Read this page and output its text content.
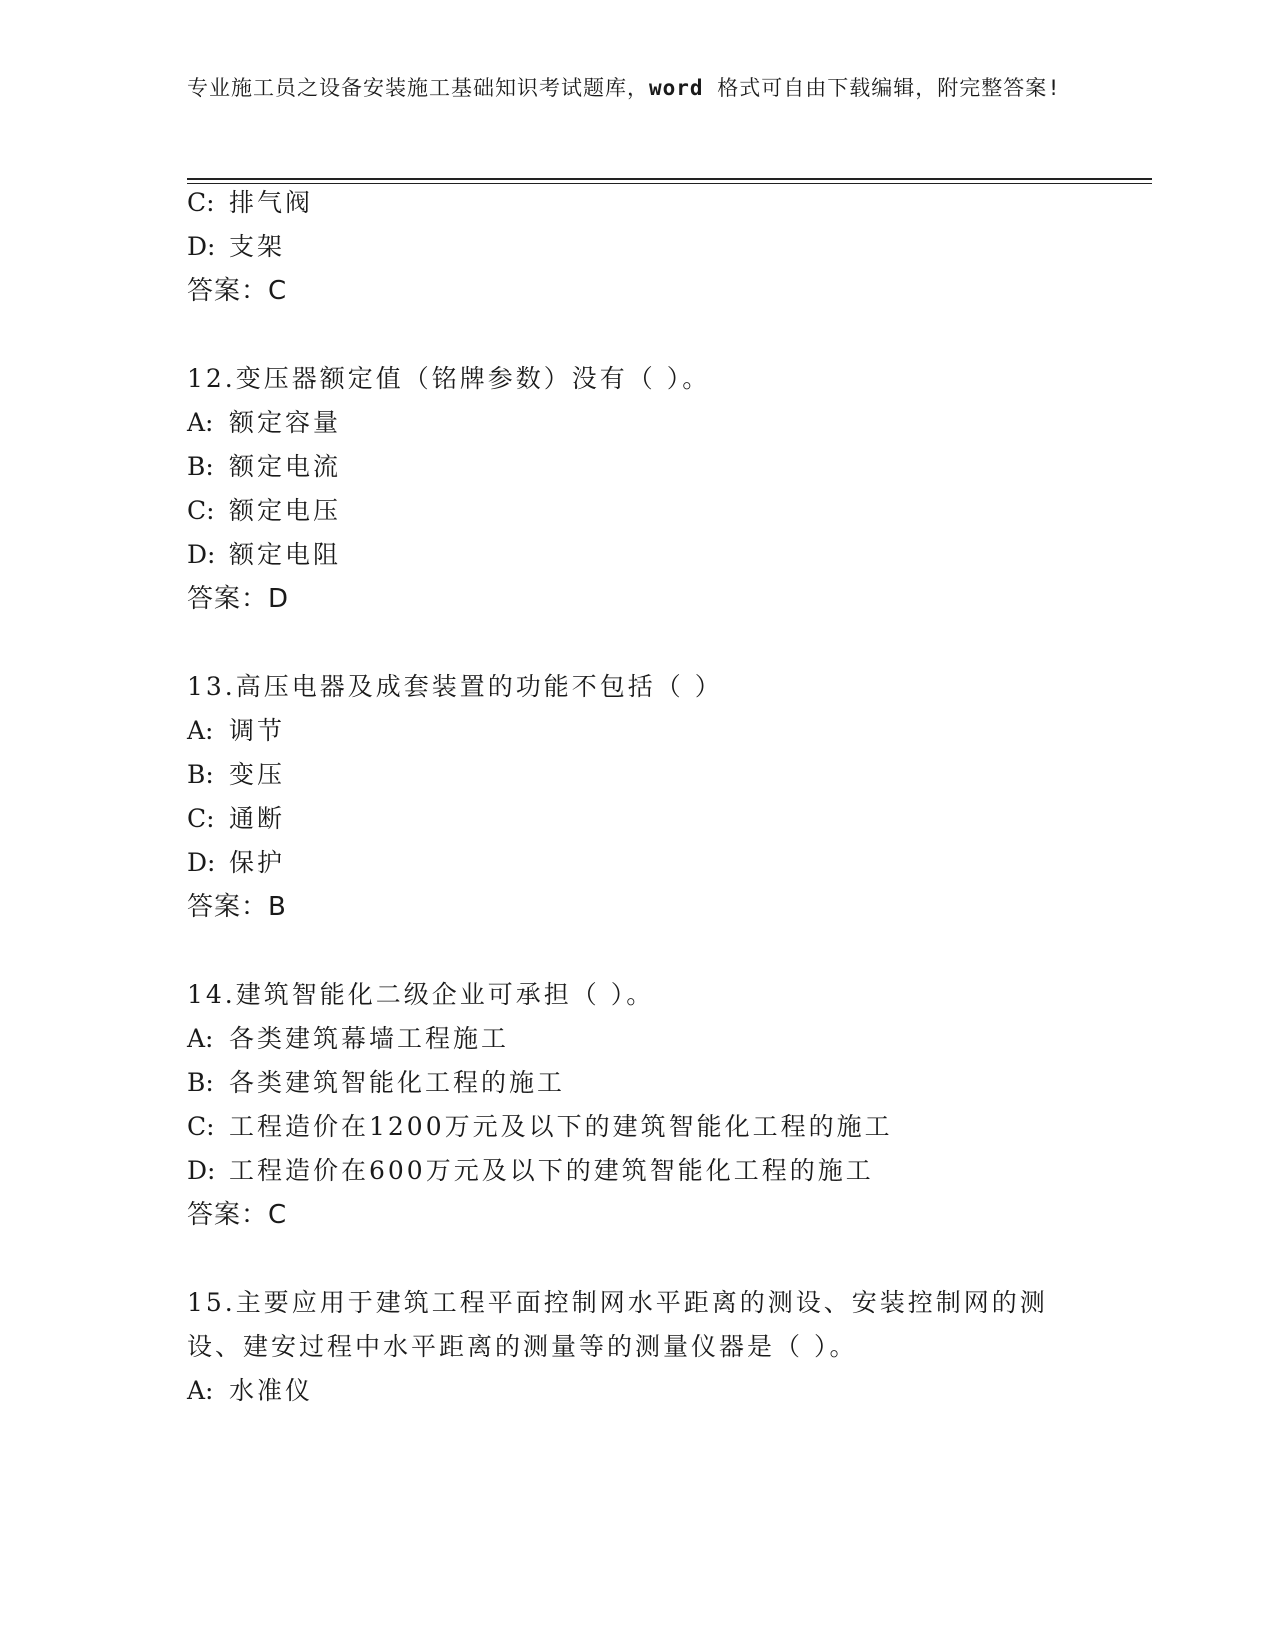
专业施工员之设备安装施工基础知识考试题库，word 格式可自由下载编辑，附完整答案!
C: 排气阀
D: 支架
答案：C
12.变压器额定值（铭牌参数）没有（ ）。
A: 额定容量
B: 额定电流
C: 额定电压
D: 额定电阻
答案：D
13.高压电器及成套装置的功能不包括（ ）
A: 调节
B: 变压
C: 通断
D: 保护
答案：B
14.建筑智能化二级企业可承担（ ）。
A: 各类建筑幕墙工程施工
B: 各类建筑智能化工程的施工
C: 工程造价在1200万元及以下的建筑智能化工程的施工
D: 工程造价在600万元及以下的建筑智能化工程的施工
答案：C
15.主要应用于建筑工程平面控制网水平距离的测设、安装控制网的测
设、建安过程中水平距离的测量等的测量仪器是（ ）。
A: 水准仪
